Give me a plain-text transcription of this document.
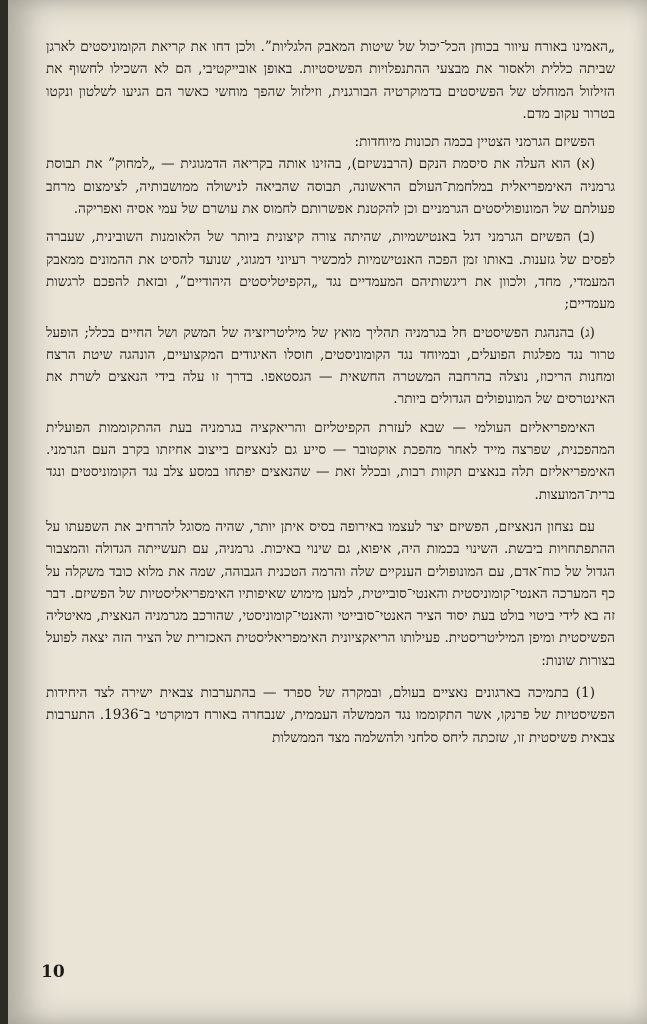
„האמינו באורח עיוור בכוחן הכל־יכול של שיטות המאבק הלגליות”. ולכן דחו את קריאת הקומוניסטים לארגן שביתה כללית ולאסור את מבצעי ההתנפלויות הפשיסטיות. באופן אובייקטיבי, הם לא השכילו לחשוף את הזילזול המוחלט של הפשיסטים בדמוקרטיה הבורגנית, וזילזול שהפך מוחשי כאשר הם הגיעו לשלטון ונקטו בטרור עקוב מדם.

הפשיזם הגרמני הצטיין בכמה תכונות מיוחדות:

(א) הוא העלה את סיסמת הנקם (הרבנשיזם), בהזינו אותה בקריאה הדמגוגית — „למחוק” את תבוסת גרמניה האימפריאלית במלחמת־העולם הראשונה, תבוסה שהביאה לנישולה ממושבותיה, לצימצום מרחב פעולתם של המונופוליסטים הגרמניים וכן להקטנת אפשרותם לחמוס את עושרם של עמי אסיה ואפריקה.

(ב) הפשיזם הגרמני דגל באנטישמיות, שהיתה צורה קיצונית ביותר של הלאומנות השובינית, שעברה לפסים של גזענות. באותו זמן הפכה האנטישמיות למכשיר רעיוני דמגוגי, שנועד להסיט את ההמונים ממאבק המעמדי, מחד, ולכוון את ריגשותיהם המעמדיים נגד „הקפיטליסטים היהודיים”, ובזאת להפכם לרגשות מעמדיים;

(ג) בהנהגת הפשיסטים חל בגרמניה תהליך מואץ של מיליטריזציה של המשק ושל החיים בכלל; הופעל טרור נגד מפלגות הפועלים, ובמיוחד נגד הקומוניסטים, חוסלו האיגודים המקצועיים, הונהגה שיטת הרצח ומחנות הריכוז, נוצלה בהרחבה המשטרה החשאית — הגסטאפו. בדרך זו עלה בידי הנאצים לשרת את האינטרסים של המונופולים הגדולים ביותר.

האימפריאליזם העולמי — שבא לעזרת הקפיטליזם והריאקציה בגרמניה בעת ההתקוממות הפועלית המהפכנית, שפרצה מייד לאחר מהפכת אוקטובר — סייע גם לנאציזם בייצוב אחיזתו בקרב העם הגרמני. האימפריאליזם תלה בנאצים תקוות רבות, ובכלל זאת — שהנאצים יפתחו במסע צלב נגד הקומוניסטים ונגד ברית־המועצות.

עם נצחון הנאציזם, הפשיזם יצר לעצמו באירופה בסיס איתן יותר, שהיה מסוגל להרחיב את השפעתו על ההתפתחויות ביבשת. השינוי בכמות היה, איפוא, גם שינוי באיכות. גרמניה, עם תעשייתה הגדולה והמצבור הגדול של כוח־אדם, עם המונופולים הענקיים שלה והרמה הטכנית הגבוהה, שמה את מלוא כובד משקלה על כף המערכה האנטי־קומוניסטית והאנטי־סובייטית, למען מימוש שאיפותיו האימפריאליסטיות של הפשיזם. דבר זה בא לידי ביטוי בולט בעת יסוד הציר האנטי־סובייטי והאנטי־קומוניסטי, שהורכב מגרמניה הנאצית, מאיטליה הפשיסטית ומיפן המיליטריסטית. פעילותו הריאקציונית האימפריאליסטית האכזרית של הציר הזה יצאה לפועל בצורות שונות:

(1) בתמיכה בארגונים נאציים בעולם, ובמקרה של ספרד — בהתערבות צבאית ישירה לצד היחידות הפשיסטיות של פרנקו, אשר התקוממו נגד הממשלה העממית, שנבחרה באורח דמוקרטי ב־1936. התערבות צבאית פשיסטית זו, שזכתה ליחס סלחני ולהשלמה מצד הממשלות

10
